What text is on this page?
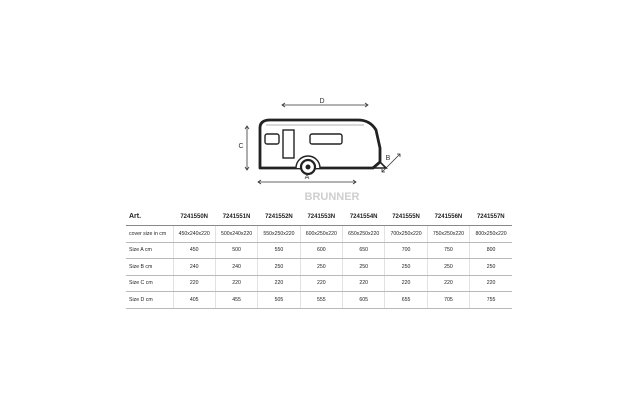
D
C
B
A
BRUNNER
Art.	7241550N	7241551N	7241552N	7241553N	7241554N	7241555N	7241556N	7241557N
cover size in cm	450x240x220	500x240x220	550x250x220	600x250x220	650x250x220	700x250x220	750x250x220	800x250x220
Size A cm	450	500	550	600	650	700	750	800
Size B cm	240	240	250	250	250	250	250	250
Size C cm	220	220	220	220	220	220	220	220
Size D cm	405	455	505	555	605	655	705	755
